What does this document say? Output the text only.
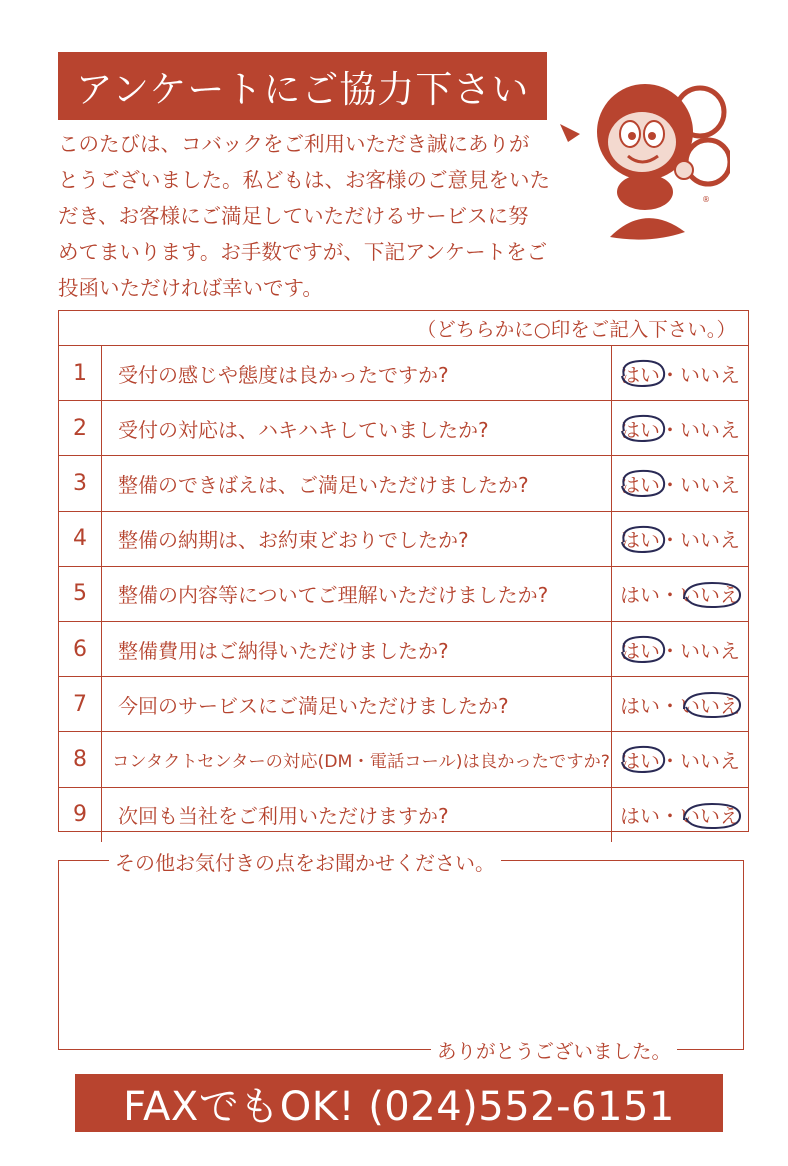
アンケートにご協力下さい
このたびは、コバックをご利用いただき誠にありが
とうございました。私どもは、お客様のご意見をいた
だき、お客様にご満足していただけるサービスに努
めてまいります。お手数ですが、下記アンケートをご
投函いただければ幸いです。
®
（どちらかに○印をご記入下さい。）
1	受付の感じや態度は良かったですか?	はい・いいえ
2	受付の対応は、ハキハキしていましたか?	はい・いいえ
3	整備のできばえは、ご満足いただけましたか?	はい・いいえ
4	整備の納期は、お約束どおりでしたか?	はい・いいえ
5	整備の内容等についてご理解いただけましたか?	はい・いいえ
6	整備費用はご納得いただけましたか?	はい・いいえ
7	今回のサービスにご満足いただけましたか?	はい・いいえ
8	コンタクトセンターの対応(DM・電話コール)は良かったですか? はい・いいえ
9	次回も当社をご利用いただけますか?	はい・いいえ
その他お気付きの点をお聞かせください。
ありがとうございました。
FAXでもOK! (024)552-6151
